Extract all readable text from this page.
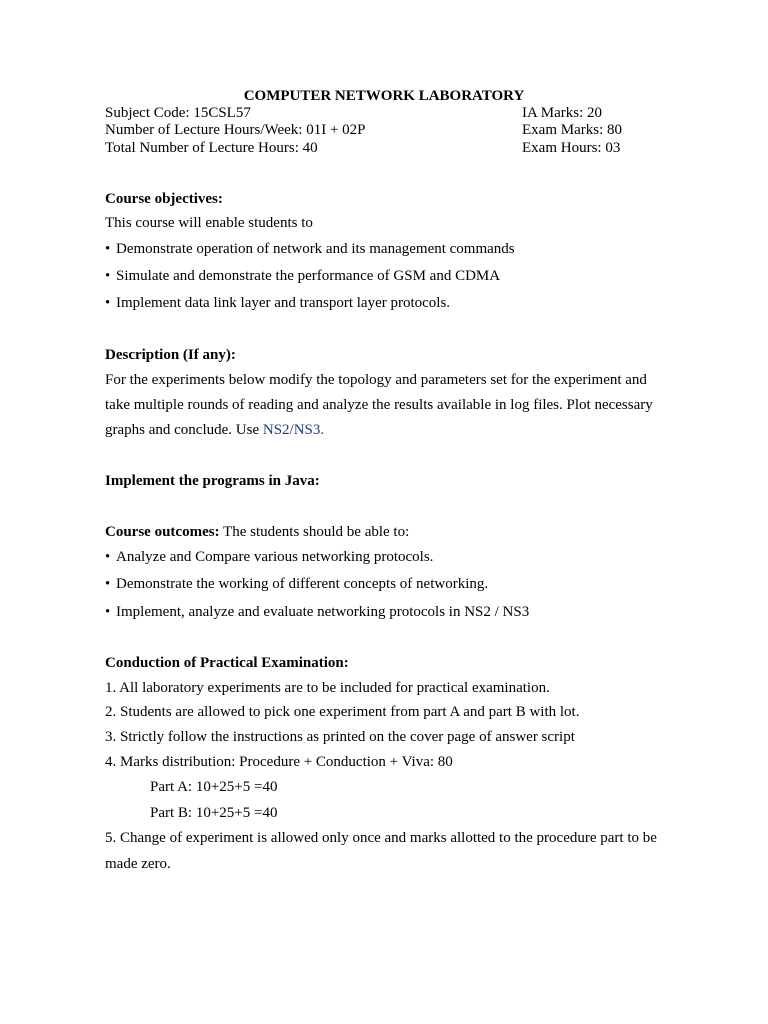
COMPUTER NETWORK LABORATORY
Subject Code: 15CSL57	IA Marks: 20
Number of Lecture Hours/Week: 01I + 02P	Exam Marks: 80
Total Number of Lecture Hours: 40	Exam Hours: 03
Course objectives:
This course will enable students to
• Demonstrate operation of network and its management commands
• Simulate and demonstrate the performance of GSM and CDMA
• Implement data link layer and transport layer protocols.
Description (If any):
For the experiments below modify the topology and parameters set for the experiment and
take multiple rounds of reading and analyze the results available in log files. Plot necessary
graphs and conclude. Use NS2/NS3.
Implement the programs in Java:
Course outcomes: The students should be able to:
• Analyze and Compare various networking protocols.
• Demonstrate the working of different concepts of networking.
• Implement, analyze and evaluate networking protocols in NS2 / NS3
Conduction of Practical Examination:
1. All laboratory experiments are to be included for practical examination.
2. Students are allowed to pick one experiment from part A and part B with lot.
3. Strictly follow the instructions as printed on the cover page of answer script
4. Marks distribution: Procedure + Conduction + Viva: 80
Part A: 10+25+5 =40
Part B: 10+25+5 =40
5. Change of experiment is allowed only once and marks allotted to the procedure part to be
made zero.
